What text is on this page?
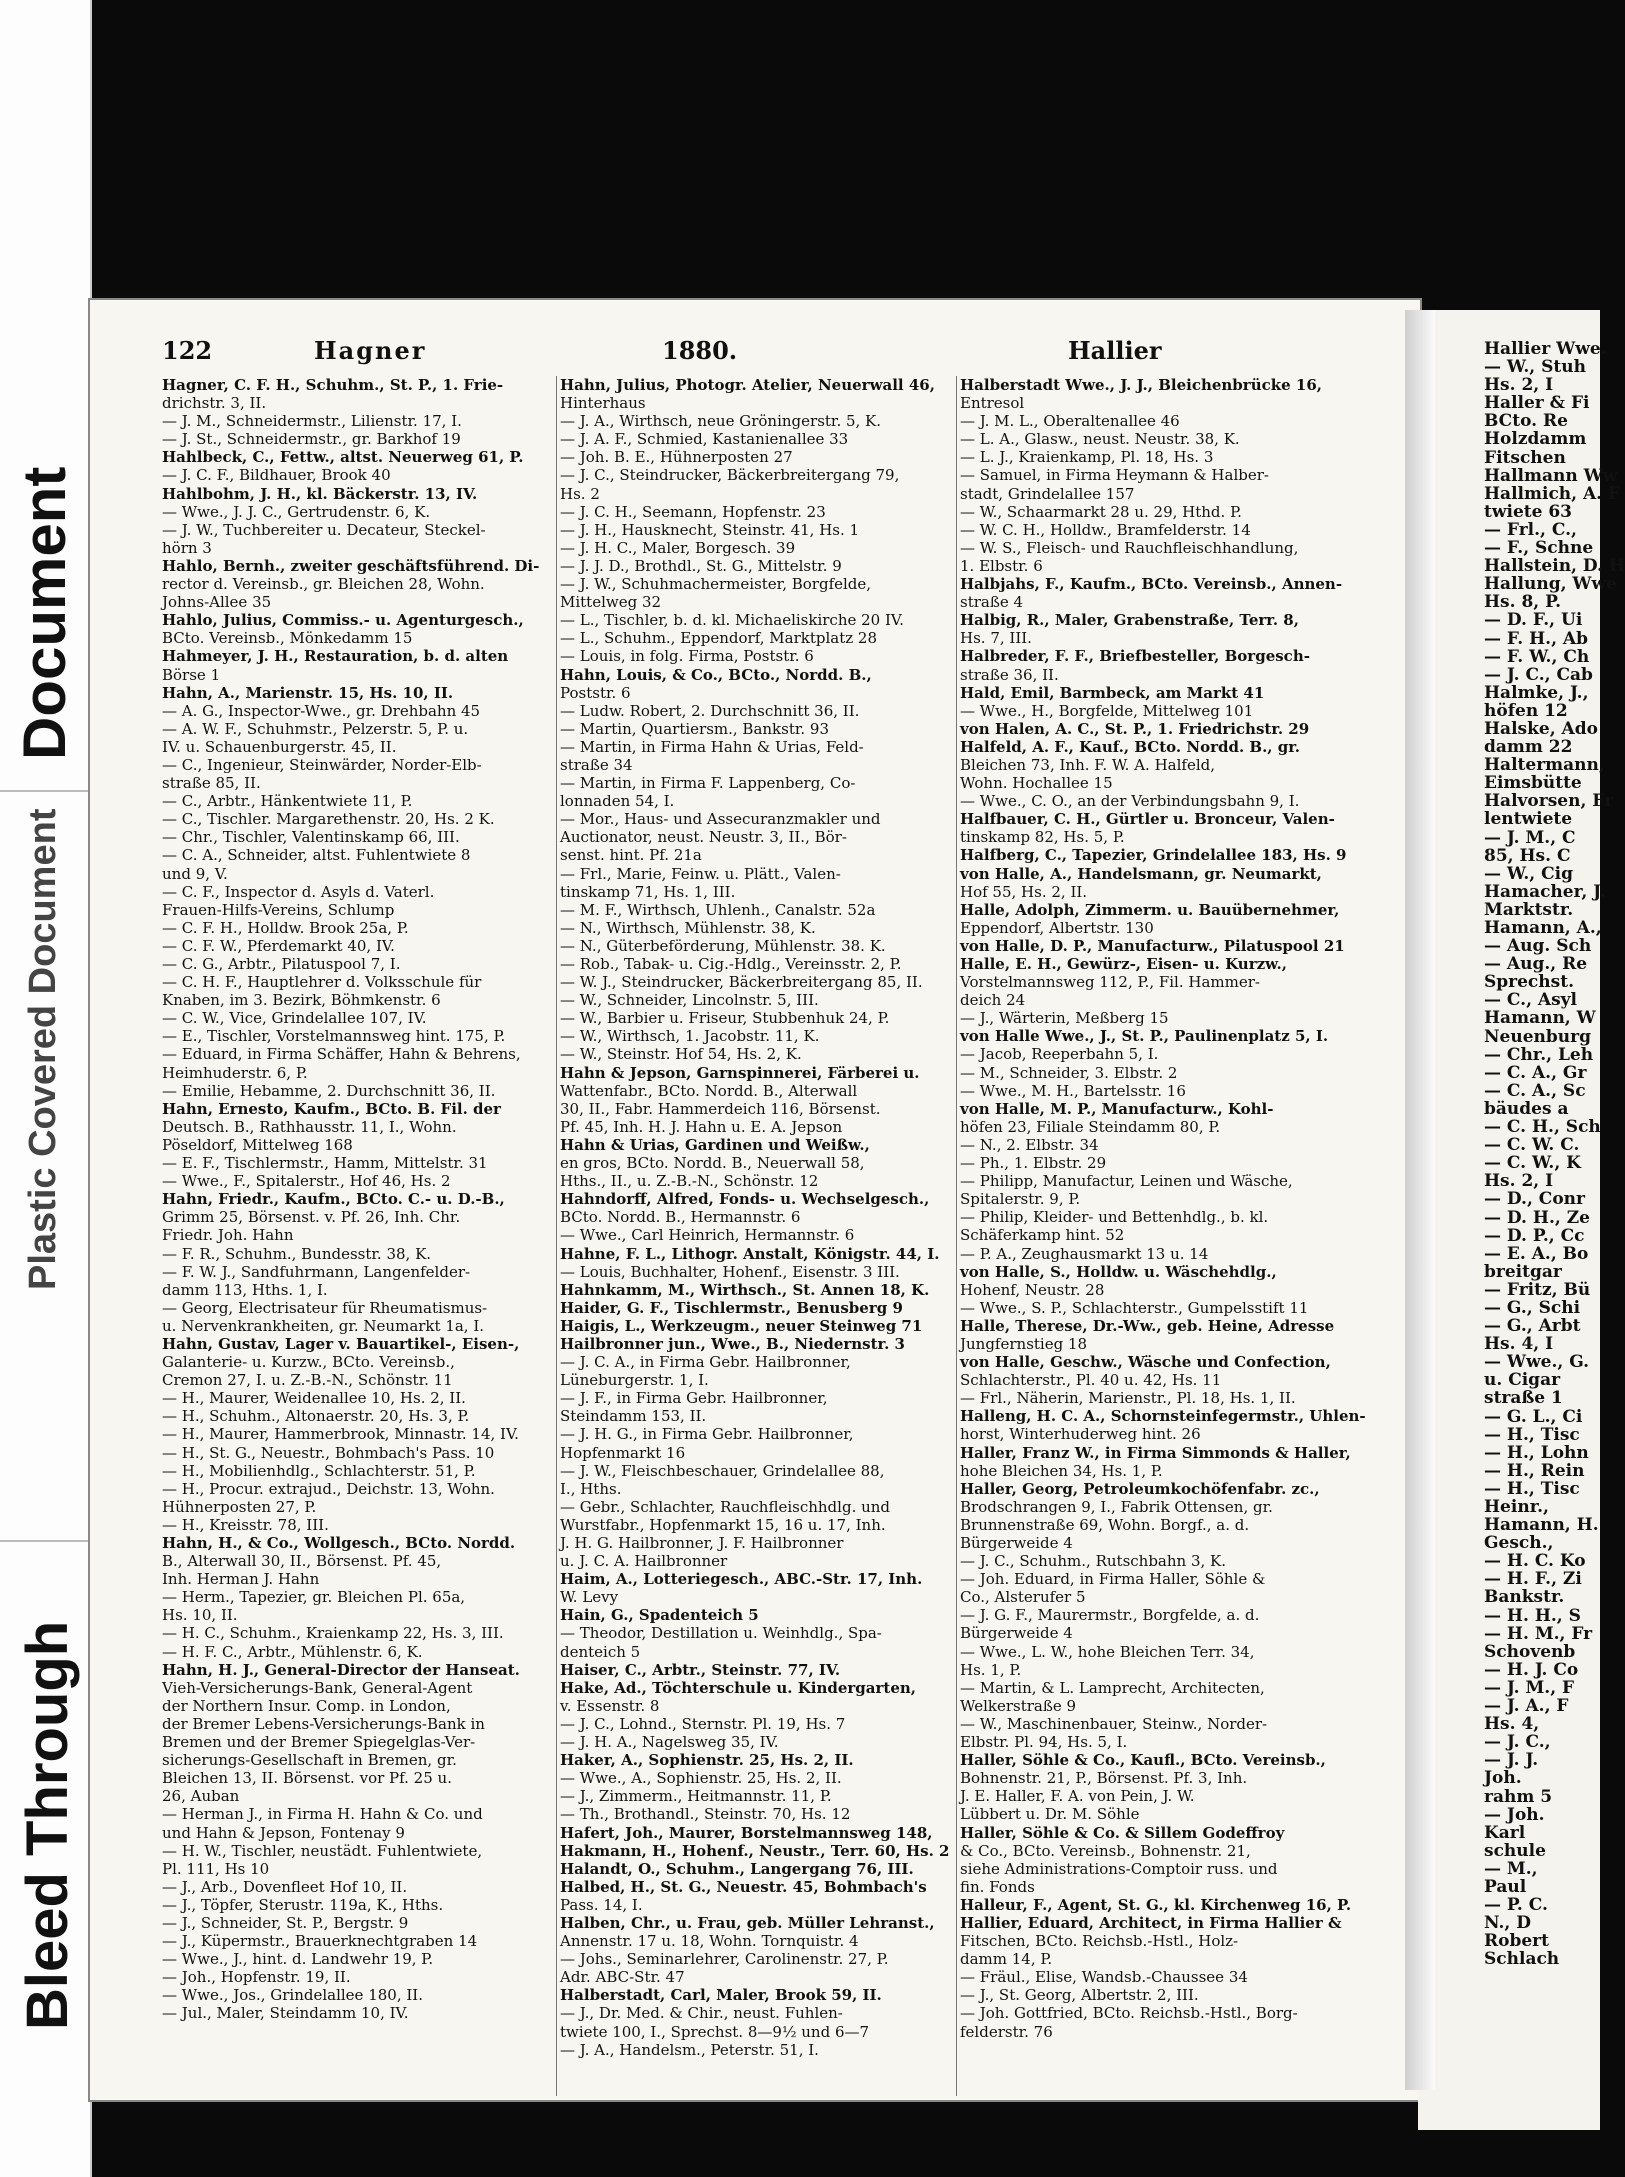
Document
Plastic Covered Document
Bleed Through
Hallier Wwe.
— W., Stuh
Hs. 2, I
Haller & Fi
BCto. Re
Holzdamm
Fitschen
Hallmann Ww
Hallmich, A. F
twiete 63
— Frl., C.,
— F., Schne
Hallstein, D. H
Hallung, Wwe
Hs. 8, P.
— D. F., Ui
— F. H., Ab
— F. W., Ch
— J. C., Cab
Halmke, J.,
höfen 12
Halske, Ado
damm 22
Haltermann,
Eimsbütte
Halvorsen, Fr
lentwiete
— J. M., C
85, Hs. C
— W., Cig
Hamacher, J.
Marktstr.
Hamann, A.,
— Aug. Sch
— Aug., Re
Sprechst.
— C., Asyl
Hamann, W
Neuenburg
— Chr., Leh
— C. A., Gr
— C. A., Sc
bäudes a
— C. H., Sch
— C. W. C.
— C. W., K
Hs. 2, I
— D., Conr
— D. H., Ze
— D. P., Cc
— E. A., Bo
breitgar
— Fritz, Bü
— G., Schi
— G., Arbt
Hs. 4, I
— Wwe., G.
u. Cigar
straße 1
— G. L., Ci
— H., Tisc
— H., Lohn
— H., Rein
— H., Tisc
Heinr.,
Hamann, H.
Gesch.,
— H. C. Ko
— H. F., Zi
Bankstr.
— H. H., S
— H. M., Fr
Schovenb
— H. J. Co
— J. M., F
— J. A., F
Hs. 4,
— J. C.,
— J. J.
Joh.
rahm 5
— Joh.
Karl
schule
— M.,
Paul
— P. C.
N., D
Robert
Schlach
122	Hagner	1880.	Hallier
Hagner, C. F. H., Schuhm., St. P., 1. Frie-
drichstr. 3, II.
— J. M., Schneidermstr., Lilienstr. 17, I.
— J. St., Schneidermstr., gr. Barkhof 19
Hahlbeck, C., Fettw., altst. Neuerweg 61, P.
— J. C. F., Bildhauer, Brook 40
Hahlbohm, J. H., kl. Bäckerstr. 13, IV.
— Wwe., J. J. C., Gertrudenstr. 6, K.
— J. W., Tuchbereiter u. Decateur, Steckel-
hörn 3
Hahlo, Bernh., zweiter geschäftsführend. Di-
rector d. Vereinsb., gr. Bleichen 28, Wohn.
Johns-Allee 35
Hahlo, Julius, Commiss.- u. Agenturgesch.,
BCto. Vereinsb., Mönkedamm 15
Hahmeyer, J. H., Restauration, b. d. alten
Börse 1
Hahn, A., Marienstr. 15, Hs. 10, II.
— A. G., Inspector-Wwe., gr. Drehbahn 45
— A. W. F., Schuhmstr., Pelzerstr. 5, P. u.
IV. u. Schauenburgerstr. 45, II.
— C., Ingenieur, Steinwärder, Norder-Elb-
straße 85, II.
— C., Arbtr., Hänkentwiete 11, P.
— C., Tischler. Margarethenstr. 20, Hs. 2 K.
— Chr., Tischler, Valentinskamp 66, III.
— C. A., Schneider, altst. Fuhlentwiete 8
und 9, V.
— C. F., Inspector d. Asyls d. Vaterl.
Frauen-Hilfs-Vereins, Schlump
— C. F. H., Holldw. Brook 25a, P.
— C. F. W., Pferdemarkt 40, IV.
— C. G., Arbtr., Pilatuspool 7, I.
— C. H. F., Hauptlehrer d. Volksschule für
Knaben, im 3. Bezirk, Böhmkenstr. 6
— C. W., Vice, Grindelallee 107, IV.
— E., Tischler, Vorstelmannsweg hint. 175, P.
— Eduard, in Firma Schäffer, Hahn & Behrens,
Heimhuderstr. 6, P.
— Emilie, Hebamme, 2. Durchschnitt 36, II.
Hahn, Ernesto, Kaufm., BCto. B. Fil. der
Deutsch. B., Rathhausstr. 11, I., Wohn.
Pöseldorf, Mittelweg 168
— E. F., Tischlermstr., Hamm, Mittelstr. 31
— Wwe., F., Spitalerstr., Hof 46, Hs. 2
Hahn, Friedr., Kaufm., BCto. C.- u. D.-B.,
Grimm 25, Börsenst. v. Pf. 26, Inh. Chr.
Friedr. Joh. Hahn
— F. R., Schuhm., Bundesstr. 38, K.
— F. W. J., Sandfuhrmann, Langenfelder-
damm 113, Hths. 1, I.
— Georg, Electrisateur für Rheumatismus-
u. Nervenkrankheiten, gr. Neumarkt 1a, I.
Hahn, Gustav, Lager v. Bauartikel-, Eisen-,
Galanterie- u. Kurzw., BCto. Vereinsb.,
Cremon 27, I. u. Z.-B.-N., Schönstr. 11
— H., Maurer, Weidenallee 10, Hs. 2, II.
— H., Schuhm., Altonaerstr. 20, Hs. 3, P.
— H., Maurer, Hammerbrook, Minnastr. 14, IV.
— H., St. G., Neuestr., Bohmbach's Pass. 10
— H., Mobilienhdlg., Schlachterstr. 51, P.
— H., Procur. extrajud., Deichstr. 13, Wohn.
Hühnerposten 27, P.
— H., Kreisstr. 78, III.
Hahn, H., & Co., Wollgesch., BCto. Nordd.
B., Alterwall 30, II., Börsenst. Pf. 45,
Inh. Herman J. Hahn
— Herm., Tapezier, gr. Bleichen Pl. 65a,
Hs. 10, II.
— H. C., Schuhm., Kraienkamp 22, Hs. 3, III.
— H. F. C., Arbtr., Mühlenstr. 6, K.
Hahn, H. J., General-Director der Hanseat.
Vieh-Versicherungs-Bank, General-Agent
der Northern Insur. Comp. in London,
der Bremer Lebens-Versicherungs-Bank in
Bremen und der Bremer Spiegelglas-Ver-
sicherungs-Gesellschaft in Bremen, gr.
Bleichen 13, II. Börsenst. vor Pf. 25 u.
26, Auban
— Herman J., in Firma H. Hahn & Co. und
und Hahn & Jepson, Fontenay 9
— H. W., Tischler, neustädt. Fuhlentwiete,
Pl. 111, Hs 10
— J., Arb., Dovenfleet Hof 10, II.
— J., Töpfer, Sterustr. 119a, K., Hths.
— J., Schneider, St. P., Bergstr. 9
— J., Küpermstr., Brauerknechtgraben 14
— Wwe., J., hint. d. Landwehr 19, P.
— Joh., Hopfenstr. 19, II.
— Wwe., Jos., Grindelallee 180, II.
— Jul., Maler, Steindamm 10, IV.
Hahn, Julius, Photogr. Atelier, Neuerwall 46,
Hinterhaus
— J. A., Wirthsch, neue Gröningerstr. 5, K.
— J. A. F., Schmied, Kastanienallee 33
— Joh. B. E., Hühnerposten 27
— J. C., Steindrucker, Bäckerbreitergang 79,
Hs. 2
— J. C. H., Seemann, Hopfenstr. 23
— J. H., Hausknecht, Steinstr. 41, Hs. 1
— J. H. C., Maler, Borgesch. 39
— J. J. D., Brothdl., St. G., Mittelstr. 9
— J. W., Schuhmachermeister, Borgfelde,
Mittelweg 32
— L., Tischler, b. d. kl. Michaeliskirche 20 IV.
— L., Schuhm., Eppendorf, Marktplatz 28
— Louis, in folg. Firma, Poststr. 6
Hahn, Louis, & Co., BCto., Nordd. B.,
Poststr. 6
— Ludw. Robert, 2. Durchschnitt 36, II.
— Martin, Quartiersm., Bankstr. 93
— Martin, in Firma Hahn & Urias, Feld-
straße 34
— Martin, in Firma F. Lappenberg, Co-
lonnaden 54, I.
— Mor., Haus- und Assecuranzmakler und
Auctionator, neust. Neustr. 3, II., Bör-
senst. hint. Pf. 21a
— Frl., Marie, Feinw. u. Plätt., Valen-
tinskamp 71, Hs. 1, III.
— M. F., Wirthsch, Uhlenh., Canalstr. 52a
— N., Wirthsch, Mühlenstr. 38, K.
— N., Güterbeförderung, Mühlenstr. 38. K.
— Rob., Tabak- u. Cig.-Hdlg., Vereinsstr. 2, P.
— W. J., Steindrucker, Bäckerbreitergang 85, II.
— W., Schneider, Lincolnstr. 5, III.
— W., Barbier u. Friseur, Stubbenhuk 24, P.
— W., Wirthsch, 1. Jacobstr. 11, K.
— W., Steinstr. Hof 54, Hs. 2, K.
Hahn & Jepson, Garnspinnerei, Färberei u.
Wattenfabr., BCto. Nordd. B., Alterwall
30, II., Fabr. Hammerdeich 116, Börsenst.
Pf. 45, Inh. H. J. Hahn u. E. A. Jepson
Hahn & Urias, Gardinen und Weißw.,
en gros, BCto. Nordd. B., Neuerwall 58,
Hths., II., u. Z.-B.-N., Schönstr. 12
Hahndorff, Alfred, Fonds- u. Wechselgesch.,
BCto. Nordd. B., Hermannstr. 6
— Wwe., Carl Heinrich, Hermannstr. 6
Hahne, F. L., Lithogr. Anstalt, Königstr. 44, I.
— Louis, Buchhalter, Hohenf., Eisenstr. 3 III.
Hahnkamm, M., Wirthsch., St. Annen 18, K.
Haider, G. F., Tischlermstr., Benusberg 9
Haigis, L., Werkzeugm., neuer Steinweg 71
Hailbronner jun., Wwe., B., Niedernstr. 3
— J. C. A., in Firma Gebr. Hailbronner,
Lüneburgerstr. 1, I.
— J. F., in Firma Gebr. Hailbronner,
Steindamm 153, II.
— J. H. G., in Firma Gebr. Hailbronner,
Hopfenmarkt 16
— J. W., Fleischbeschauer, Grindelallee 88,
I., Hths.
— Gebr., Schlachter, Rauchfleischhdlg. und
Wurstfabr., Hopfenmarkt 15, 16 u. 17, Inh.
J. H. G. Hailbronner, J. F. Hailbronner
u. J. C. A. Hailbronner
Haim, A., Lotteriegesch., ABC.-Str. 17, Inh.
W. Levy
Hain, G., Spadenteich 5
— Theodor, Destillation u. Weinhdlg., Spa-
denteich 5
Haiser, C., Arbtr., Steinstr. 77, IV.
Hake, Ad., Töchterschule u. Kindergarten,
v. Essenstr. 8
— J. C., Lohnd., Sternstr. Pl. 19, Hs. 7
— J. H. A., Nagelsweg 35, IV.
Haker, A., Sophienstr. 25, Hs. 2, II.
— Wwe., A., Sophienstr. 25, Hs. 2, II.
— J., Zimmerm., Heitmannstr. 11, P.
— Th., Brothandl., Steinstr. 70, Hs. 12
Hafert, Joh., Maurer, Borstelmannsweg 148,
Hakmann, H., Hohenf., Neustr., Terr. 60, Hs. 2
Halandt, O., Schuhm., Langergang 76, III.
Halbed, H., St. G., Neuestr. 45, Bohmbach's
Pass. 14, I.
Halben, Chr., u. Frau, geb. Müller Lehranst.,
Annenstr. 17 u. 18, Wohn. Tornquistr. 4
— Johs., Seminarlehrer, Carolinenstr. 27, P.
Adr. ABC-Str. 47
Halberstadt, Carl, Maler, Brook 59, II.
— J., Dr. Med. & Chir., neust. Fuhlen-
twiete 100, I., Sprechst. 8—9½ und 6—7
— J. A., Handelsm., Peterstr. 51, I.
Halberstadt Wwe., J. J., Bleichenbrücke 16,
Entresol
— J. M. L., Oberaltenallee 46
— L. A., Glasw., neust. Neustr. 38, K.
— L. J., Kraienkamp, Pl. 18, Hs. 3
— Samuel, in Firma Heymann & Halber-
stadt, Grindelallee 157
— W., Schaarmarkt 28 u. 29, Hthd. P.
— W. C. H., Holldw., Bramfelderstr. 14
— W. S., Fleisch- und Rauchfleischhandlung,
1. Elbstr. 6
Halbjahs, F., Kaufm., BCto. Vereinsb., Annen-
straße 4
Halbig, R., Maler, Grabenstraße, Terr. 8,
Hs. 7, III.
Halbreder, F. F., Briefbesteller, Borgesch-
straße 36, II.
Hald, Emil, Barmbeck, am Markt 41
— Wwe., H., Borgfelde, Mittelweg 101
von Halen, A. C., St. P., 1. Friedrichstr. 29
Halfeld, A. F., Kauf., BCto. Nordd. B., gr.
Bleichen 73, Inh. F. W. A. Halfeld,
Wohn. Hochallee 15
— Wwe., C. O., an der Verbindungsbahn 9, I.
Halfbauer, C. H., Gürtler u. Bronceur, Valen-
tinskamp 82, Hs. 5, P.
Halfberg, C., Tapezier, Grindelallee 183, Hs. 9
von Halle, A., Handelsmann, gr. Neumarkt,
Hof 55, Hs. 2, II.
Halle, Adolph, Zimmerm. u. Bauübernehmer,
Eppendorf, Albertstr. 130
von Halle, D. P., Manufacturw., Pilatuspool 21
Halle, E. H., Gewürz-, Eisen- u. Kurzw.,
Vorstelmannsweg 112, P., Fil. Hammer-
deich 24
— J., Wärterin, Meßberg 15
von Halle Wwe., J., St. P., Paulinenplatz 5, I.
— Jacob, Reeperbahn 5, I.
— M., Schneider, 3. Elbstr. 2
— Wwe., M. H., Bartelsstr. 16
von Halle, M. P., Manufacturw., Kohl-
höfen 23, Filiale Steindamm 80, P.
— N., 2. Elbstr. 34
— Ph., 1. Elbstr. 29
— Philipp, Manufactur, Leinen und Wäsche,
Spitalerstr. 9, P.
— Philip, Kleider- und Bettenhdlg., b. kl.
Schäferkamp hint. 52
— P. A., Zeughausmarkt 13 u. 14
von Halle, S., Holldw. u. Wäschehdlg.,
Hohenf, Neustr. 28
— Wwe., S. P., Schlachterstr., Gumpelsstift 11
Halle, Therese, Dr.-Ww., geb. Heine, Adresse
Jungfernstieg 18
von Halle, Geschw., Wäsche und Confection,
Schlachterstr., Pl. 40 u. 42, Hs. 11
— Frl., Näherin, Marienstr., Pl. 18, Hs. 1, II.
Halleng, H. C. A., Schornsteinfegermstr., Uhlen-
horst, Winterhuderweg hint. 26
Haller, Franz W., in Firma Simmonds & Haller,
hohe Bleichen 34, Hs. 1, P.
Haller, Georg, Petroleumkochöfenfabr. zc.,
Brodschrangen 9, I., Fabrik Ottensen, gr.
Brunnenstraße 69, Wohn. Borgf., a. d.
Bürgerweide 4
— J. C., Schuhm., Rutschbahn 3, K.
— Joh. Eduard, in Firma Haller, Söhle &
Co., Alsterufer 5
— J. G. F., Maurermstr., Borgfelde, a. d.
Bürgerweide 4
— Wwe., L. W., hohe Bleichen Terr. 34,
Hs. 1, P.
— Martin, & L. Lamprecht, Architecten,
Welkerstraße 9
— W., Maschinenbauer, Steinw., Norder-
Elbstr. Pl. 94, Hs. 5, I.
Haller, Söhle & Co., Kaufl., BCto. Vereinsb.,
Bohnenstr. 21, P., Börsenst. Pf. 3, Inh.
J. E. Haller, F. A. von Pein, J. W.
Lübbert u. Dr. M. Söhle
Haller, Söhle & Co. & Sillem Godeffroy
& Co., BCto. Vereinsb., Bohnenstr. 21,
siehe Administrations-Comptoir russ. und
fin. Fonds
Halleur, F., Agent, St. G., kl. Kirchenweg 16, P.
Hallier, Eduard, Architect, in Firma Hallier &
Fitschen, BCto. Reichsb.-Hstl., Holz-
damm 14, P.
— Fräul., Elise, Wandsb.-Chaussee 34
— J., St. Georg, Albertstr. 2, III.
— Joh. Gottfried, BCto. Reichsb.-Hstl., Borg-
felderstr. 76
